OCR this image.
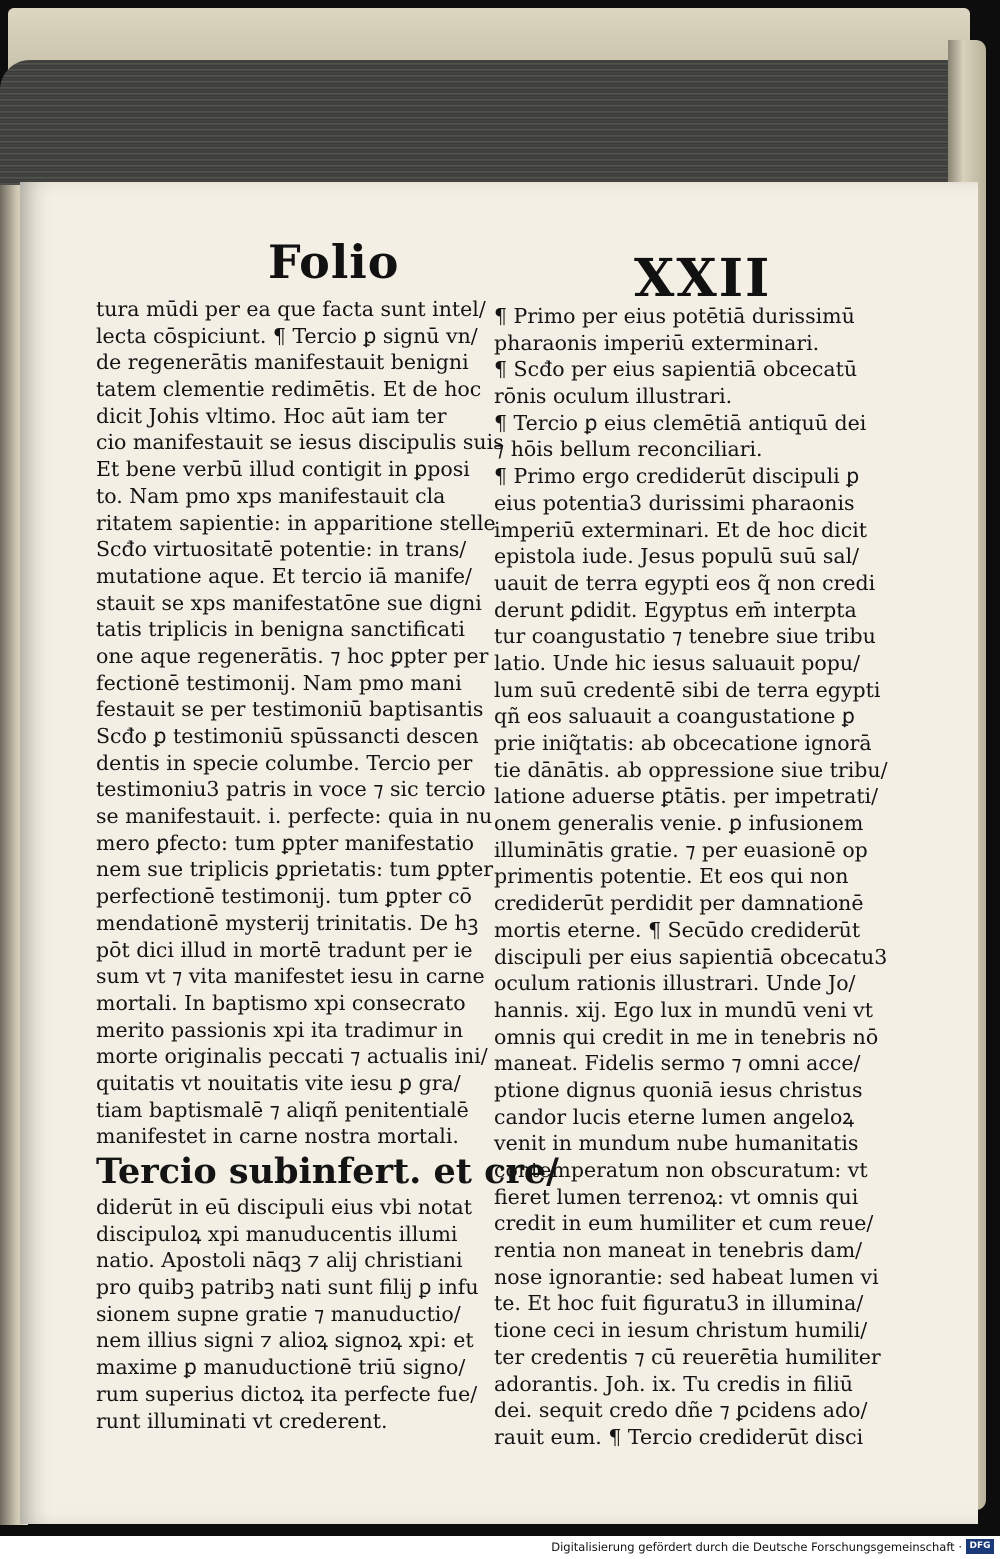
Folio	XXII
tura mūdi per ea que facta sunt intel/
lecta cōspiciunt. ¶ Tercio ꝑ signū vn/
de regenerātis manifestauit benigni
tatem clementie redimētis. Et de hoc
dicit Johis vltimo. Hoc aūt iam ter
cio manifestauit se iesus discipulis suis
Et bene verbū illud contigit in ꝑposi
to. Nam pmo xps manifestauit cla
ritatem sapientie: in apparitione stelle
Scđo virtuositatē potentie: in trans/
mutatione aque. Et tercio iā manife/
stauit se xps manifestatōne sue digni
tatis triplicis in benigna sanctificati
one aque regenerātis. ⁊ hoc ꝑpter per
fectionē testimonij. Nam pmo mani
festauit se per testimoniū baptisantis
Scđo ꝑ testimoniū spūssancti descen
dentis in specie columbe. Tercio per
testimoniu3 patris in voce ⁊ sic tercio
se manifestauit. i. perfecte: quia in nu
mero ꝑfecto: tum ꝑpter manifestatio
nem sue triplicis ꝑprietatis: tum ꝑpter
perfectionē testimonij. tum ꝑpter cō
mendationē mysterij trinitatis. De hꝫ
pōt dici illud in mortē tradunt per ie
sum vt ⁊ vita manifestet iesu in carne
mortali. In baptismo xpi consecrato
merito passionis xpi ita tradimur in
morte originalis peccati ⁊ actualis ini/
quitatis vt nouitatis vite iesu ꝑ gra/
tiam baptismalē ⁊ aliqñ penitentialē
manifestet in carne nostra mortali.
Tercio subinfert. et cre/
diderūt in eū discipuli eius vbi notat
discipuloꝝ xpi manuducentis illumi
natio. Apostoli nāqꝫ ⁊ alij christiani
pro quibꝫ patribꝫ nati sunt filij ꝑ infu
sionem supne gratie ⁊ manuductio/
nem illius signi ⁊ alioꝝ signoꝝ xpi: et
maxime ꝑ manuductionē triū signo/
rum superius dictoꝝ ita perfecte fue/
runt illuminati vt crederent.
¶ Primo per eius potētiā durissimū
pharaonis imperiū exterminari.
¶ Scđo per eius sapientiā obcecatū
rōnis oculum illustrari.
¶ Tercio ꝑ eius clemētiā antiquū dei
⁊ hōis bellum reconciliari.
¶ Primo ergo crediderūt discipuli ꝑ
eius potentia3 durissimi pharaonis
imperiū exterminari. Et de hoc dicit
epistola iude. Jesus populū suū sal/
uauit de terra egypti eos q̃ non credi
derunt ꝑdidit. Egyptus em̄ interpta
tur coangustatio ⁊ tenebre siue tribu
latio. Unde hic iesus saluauit popu/
lum suū credentē sibi de terra egypti
qñ eos saluauit a coangustatione ꝑ
prie iniq̃tatis: ab obcecatione ignorā
tie dānātis. ab oppressione siue tribu/
latione aduerse ꝑtātis. per impetrati/
onem generalis venie. ꝑ infusionem
illuminātis gratie. ⁊ per euasionē op
primentis potentie. Et eos qui non
crediderūt perdidit per damnationē
mortis eterne. ¶ Secūdo crediderūt
discipuli per eius sapientiā obcecatu3
oculum rationis illustrari. Unde Jo/
hannis. xij. Ego lux in mundū veni vt
omnis qui credit in me in tenebris nō
maneat. Fidelis sermo ⁊ omni acce/
ptione dignus quoniā iesus christus
candor lucis eterne lumen angeloꝝ
venit in mundum nube humanitatis
contemperatum non obscuratum: vt
fieret lumen terrenoꝝ: vt omnis qui
credit in eum humiliter et cum reue/
rentia non maneat in tenebris dam/
nose ignorantie: sed habeat lumen vi
te. Et hoc fuit figuratu3 in illumina/
tione ceci in iesum christum humili/
ter credentis ⁊ cū reuerētia humiliter
adorantis. Joh. ix. Tu credis in filiū
dei. sequit credo dñe ⁊ ꝑcidens ado/
rauit eum. ¶ Tercio crediderūt disci
Digitalisierung gefördert durch die Deutsche Forschungsgemeinschaft · DFG
